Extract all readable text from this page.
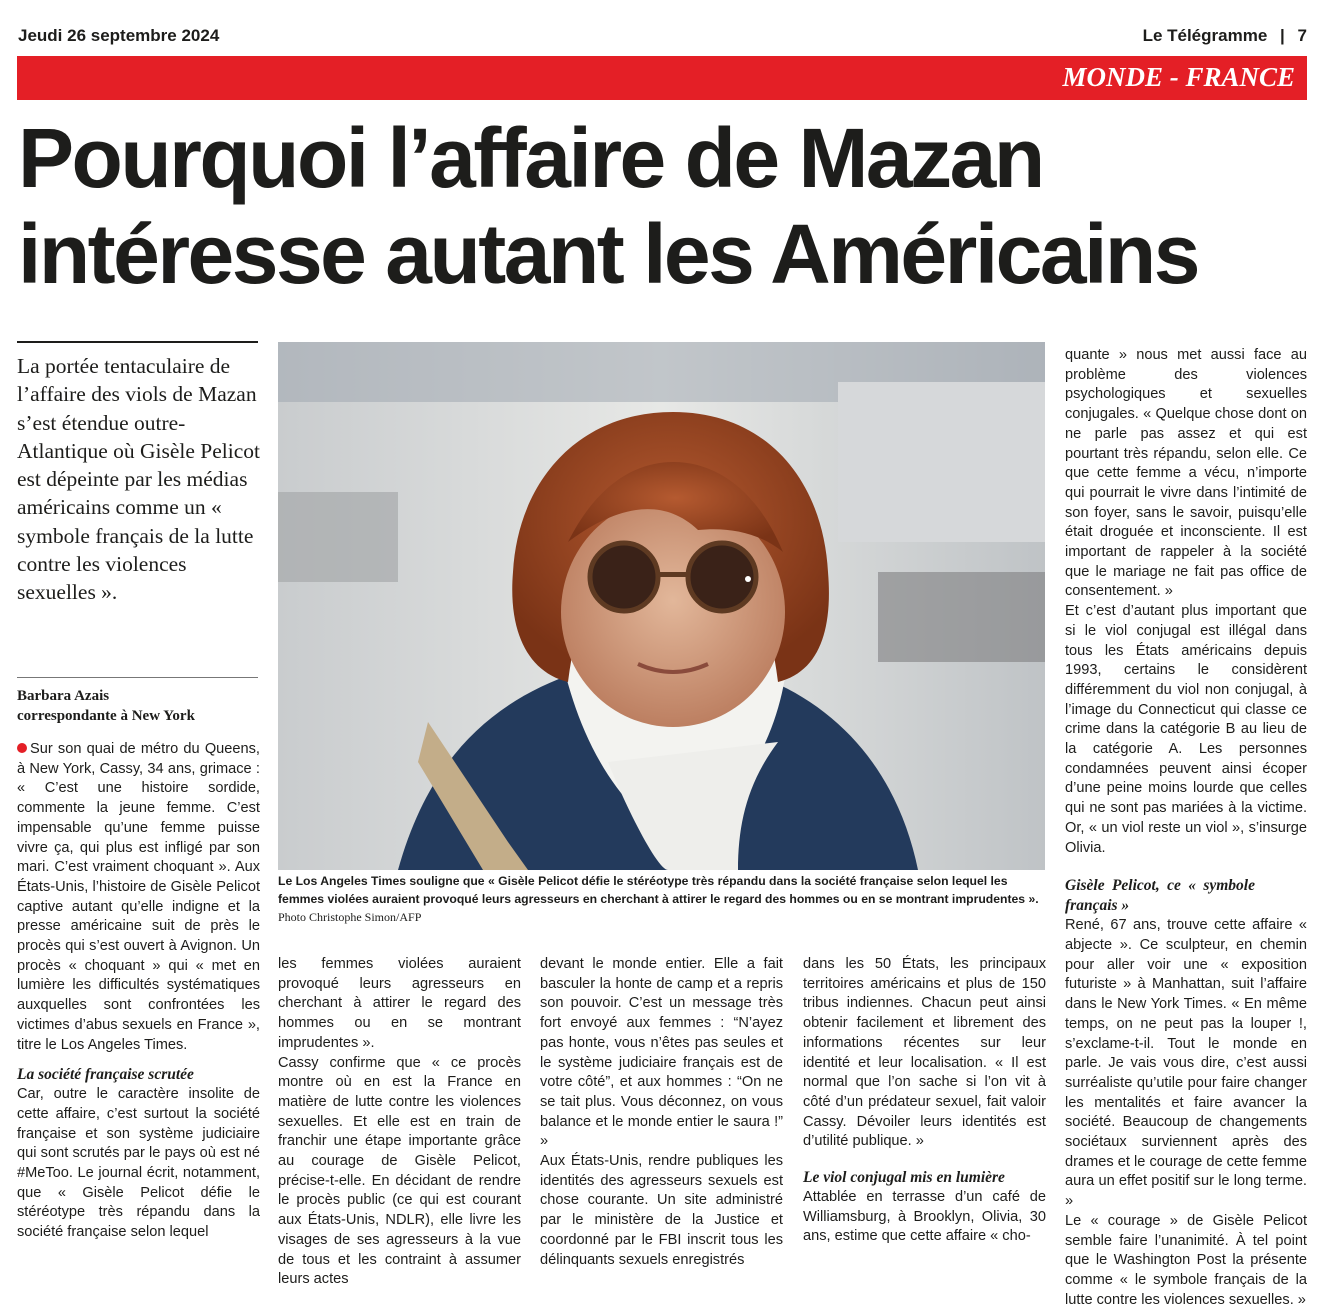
Jeudi 26 septembre 2024	Le Télégramme | 7
MONDE - FRANCE
Pourquoi l’affaire de Mazan
intéresse autant les Américains
La portée tentaculaire de l’affaire des viols de Mazan s’est étendue outre-Atlantique où Gisèle Pelicot est dépeinte par les médias américains comme un « symbole français de la lutte contre les violences sexuelles ».
Barbara Azais
correspondante à New York

Sur son quai de métro du Queens, à New York, Cassy, 34 ans, grimace : « C’est une histoire sordide, commente la jeune femme. C’est impensable qu’une femme puisse vivre ça, qui plus est infligé par son mari. C’est vraiment choquant ». Aux États-Unis, l’histoire de Gisèle Pelicot captive autant qu’elle indigne et la presse américaine suit de près le procès qui s’est ouvert à Avignon. Un procès « choquant » qui « met en lumière les difficultés systématiques auxquelles sont confrontées les victimes d’abus sexuels en France », titre le Los Angeles Times.

La société française scrutée

Car, outre le caractère insolite de cette affaire, c’est surtout la société française et son système judiciaire qui sont scrutés par le pays où est né #MeToo. Le journal écrit, notamment, que « Gisèle Pelicot défie le stéréotype très répandu dans la société française selon lequel

Le Los Angeles Times souligne que « Gisèle Pelicot défie le stéréotype très répandu dans la société française selon lequel les femmes violées auraient provoqué leurs agresseurs en cherchant à attirer le regard des hommes ou en se montrant imprudentes ».
Photo Christophe Simon/AFP

les femmes violées auraient provoqué leurs agresseurs en cherchant à attirer le regard des hommes ou en se montrant imprudentes ».

Cassy confirme que « ce procès montre où en est la France en matière de lutte contre les violences sexuelles. Et elle est en train de franchir une étape importante grâce au courage de Gisèle Pelicot, précise-t-elle. En décidant de rendre le procès public (ce qui est courant aux États-Unis, NDLR), elle livre les visages de ses agresseurs à la vue de tous et les contraint à assumer leurs actes

devant le monde entier. Elle a fait basculer la honte de camp et a repris son pouvoir. C’est un message très fort envoyé aux femmes : “N’ayez pas honte, vous n’êtes pas seules et le système judiciaire français est de votre côté”, et aux hommes : “On ne se tait plus. Vous déconnez, on vous balance et le monde entier le saura !” »

Aux États-Unis, rendre publiques les identités des agresseurs sexuels est chose courante. Un site administré par le ministère de la Justice et coordonné par le FBI inscrit tous les délinquants sexuels enregistrés

dans les 50 États, les principaux territoires américains et plus de 150 tribus indiennes. Chacun peut ainsi obtenir facilement et librement des informations récentes sur leur identité et leur localisation. « Il est normal que l’on sache si l’on vit à côté d’un prédateur sexuel, fait valoir Cassy. Dévoiler leurs identités est d’utilité publique. »

Le viol conjugal mis en lumière

Attablée en terrasse d’un café de Williamsburg, à Brooklyn, Olivia, 30 ans, estime que cette affaire « cho-

quante » nous met aussi face au problème des violences psychologiques et sexuelles conjugales. « Quelque chose dont on ne parle pas assez et qui est pourtant très répandu, selon elle. Ce que cette femme a vécu, n’importe qui pourrait le vivre dans l’intimité de son foyer, sans le savoir, puisqu’elle était droguée et inconsciente. Il est important de rappeler à la société que le mariage ne fait pas office de consentement. »

Et c’est d’autant plus important que si le viol conjugal est illégal dans tous les États américains depuis 1993, certains le considèrent différemment du viol non conjugal, à l’image du Connecticut qui classe ce crime dans la catégorie B au lieu de la catégorie A. Les personnes condamnées peuvent ainsi écoper d’une peine moins lourde que celles qui ne sont pas mariées à la victime. Or, « un viol reste un viol », s’insurge Olivia.

Gisèle Pelicot, ce « symbole français »

René, 67 ans, trouve cette affaire « abjecte ». Ce sculpteur, en chemin pour aller voir une « exposition futuriste » à Manhattan, suit l’affaire dans le New York Times. « En même temps, on ne peut pas la louper !, s’exclame-t-il. Tout le monde en parle. Je vais vous dire, c’est aussi surréaliste qu’utile pour faire changer les mentalités et faire avancer la société. Beaucoup de changements sociétaux surviennent après des drames et le courage de cette femme aura un effet positif sur le long terme. »

Le « courage » de Gisèle Pelicot semble faire l’unanimité. À tel point que le Washington Post la présente comme « le symbole français de la lutte contre les violences sexuelles. »
